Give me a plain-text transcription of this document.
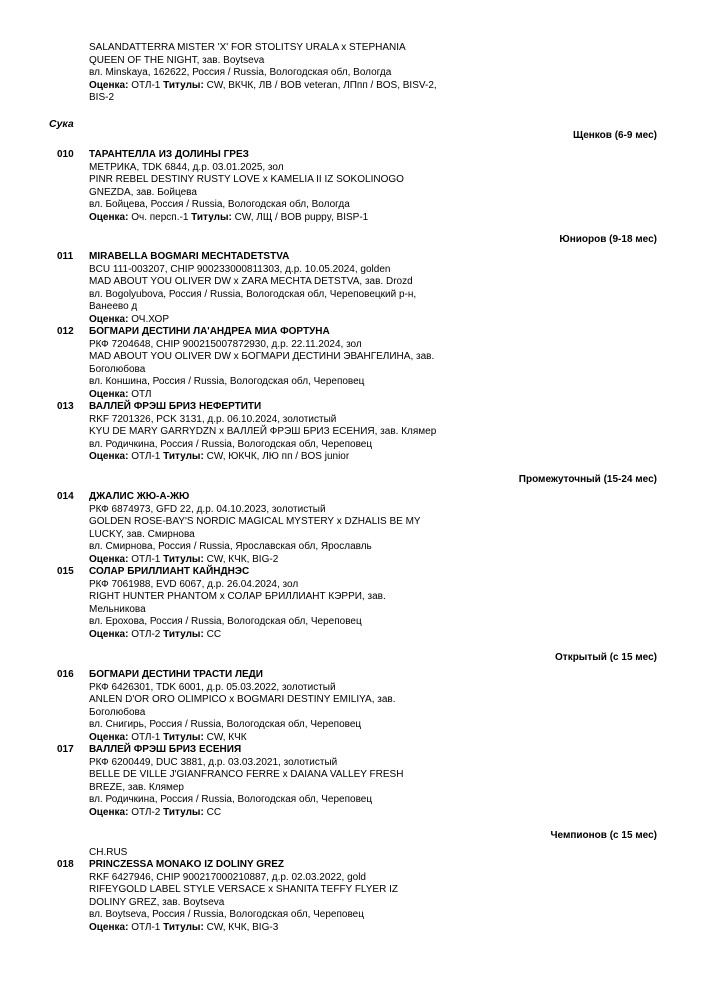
SALANDATTERRA MISTER 'X' FOR STOLITSY URALA x STEPHANIA
QUEEN OF THE NIGHT, зав. Boytseva
вл. Minskaya, 162622, Россия / Russia, Вологодская обл, Вологда
Оценка: ОТЛ-1 Титулы: CW, ВКЧК, ЛВ / BOB veteran, ЛПпп / BOS, BISV-2,
BIS-2
Сука
Щенков (6-9 мес)
010 ТАРАНТЕЛЛА ИЗ ДОЛИНЫ ГРЕЗ
МЕТРИКА, TDK 6844, д.р. 03.01.2025, зол
PINR REBEL DESTINY RUSTY LOVE x KAMELIA II IZ SOKOLINOGO
GNEZDA, зав. Бойцева
вл. Бойцева, Россия / Russia, Вологодская обл, Вологда
Оценка: Оч. персп.-1 Титулы: CW, ЛЩ / BOB puppy, BISP-1
Юниоров (9-18 мес)
011 MIRABELLA BOGMARI MECHTADETSTVA
BCU 111-003207, CHIP 900233000811303, д.р. 10.05.2024, golden
MAD ABOUT YOU OLIVER DW x ZARA MECHTA DETSTVA, зав. Drozd
вл. Bogolyubova, Россия / Russia, Вологодская обл, Череповецкий р-н,
Ванеево д
Оценка: ОЧ.ХОР
012 БОГМАРИ ДЕСТИНИ ЛА'АНДРЕА МИА ФОРТУНА
РКФ 7204648, CHIP 900215007872930, д.р. 22.11.2024, зол
MAD ABOUT YOU OLIVER DW x БОГМАРИ ДЕСТИНИ ЭВАНГЕЛИНА, зав.
Боголюбова
вл. Коншина, Россия / Russia, Вологодская обл, Череповец
Оценка: ОТЛ
013 ВАЛЛЕЙ ФРЭШ БРИЗ НЕФЕРТИТИ
RKF 7201326, PCK 3131, д.р. 06.10.2024, золотистый
KYU DE MARY GARRYDZN x ВАЛЛЕЙ ФРЭШ БРИЗ ЕСЕНИЯ, зав. Клямер
вл. Родичкина, Россия / Russia, Вологодская обл, Череповец
Оценка: ОТЛ-1 Титулы: CW, ЮКЧК, ЛЮ пп / BOS junior
Промежуточный (15-24 мес)
014 ДЖАЛИС ЖЮ-А-ЖЮ
РКФ 6874973, GFD 22, д.р. 04.10.2023, золотистый
GOLDEN ROSE-BAY'S NORDIC MAGICAL MYSTERY x DZHALIS BE MY
LUCKY, зав. Смирнова
вл. Смирнова, Россия / Russia, Ярославская обл, Ярославль
Оценка: ОТЛ-1 Титулы: CW, КЧК, BIG-2
015 СОЛАР БРИЛЛИАНТ КАЙНДНЭС
РКФ 7061988, EVD 6067, д.р. 26.04.2024, зол
RIGHT HUNTER PHANTOM x СОЛАР БРИЛЛИАНТ КЭРРИ, зав.
Мельникова
вл. Ерохова, Россия / Russia, Вологодская обл, Череповец
Оценка: ОТЛ-2 Титулы: CC
Открытый (с 15 мес)
016 БОГМАРИ ДЕСТИНИ ТРАСТИ ЛЕДИ
РКФ 6426301, TDK 6001, д.р. 05.03.2022, золотистый
ANLEN D'OR ORO OLIMPICO x BOGMARI DESTINY EMILIYA, зав.
Боголюбова
вл. Снигирь, Россия / Russia, Вологодская обл, Череповец
Оценка: ОТЛ-1 Титулы: CW, КЧК
017 ВАЛЛЕЙ ФРЭШ БРИЗ ЕСЕНИЯ
РКФ 6200449, DUC 3881, д.р. 03.03.2021, золотистый
BELLE DE VILLE J'GIANFRANCO FERRE x DAIANA VALLEY FRESH
BREZE, зав. Клямер
вл. Родичкина, Россия / Russia, Вологодская обл, Череповец
Оценка: ОТЛ-2 Титулы: CC
Чемпионов (с 15 мес)
CH.RUS
018 PRINCZESSA MONAKO IZ DOLINY GREZ
RKF 6427946, CHIP 900217000210887, д.р. 02.03.2022, gold
RIFEYGOLD LABEL STYLE VERSACE x SHANITA TEFFY FLYER IZ
DOLINY GREZ, зав. Boytseva
вл. Boytseva, Россия / Russia, Вологодская обл, Череповец
Оценка: ОТЛ-1 Титулы: CW, КЧК, BIG-3
